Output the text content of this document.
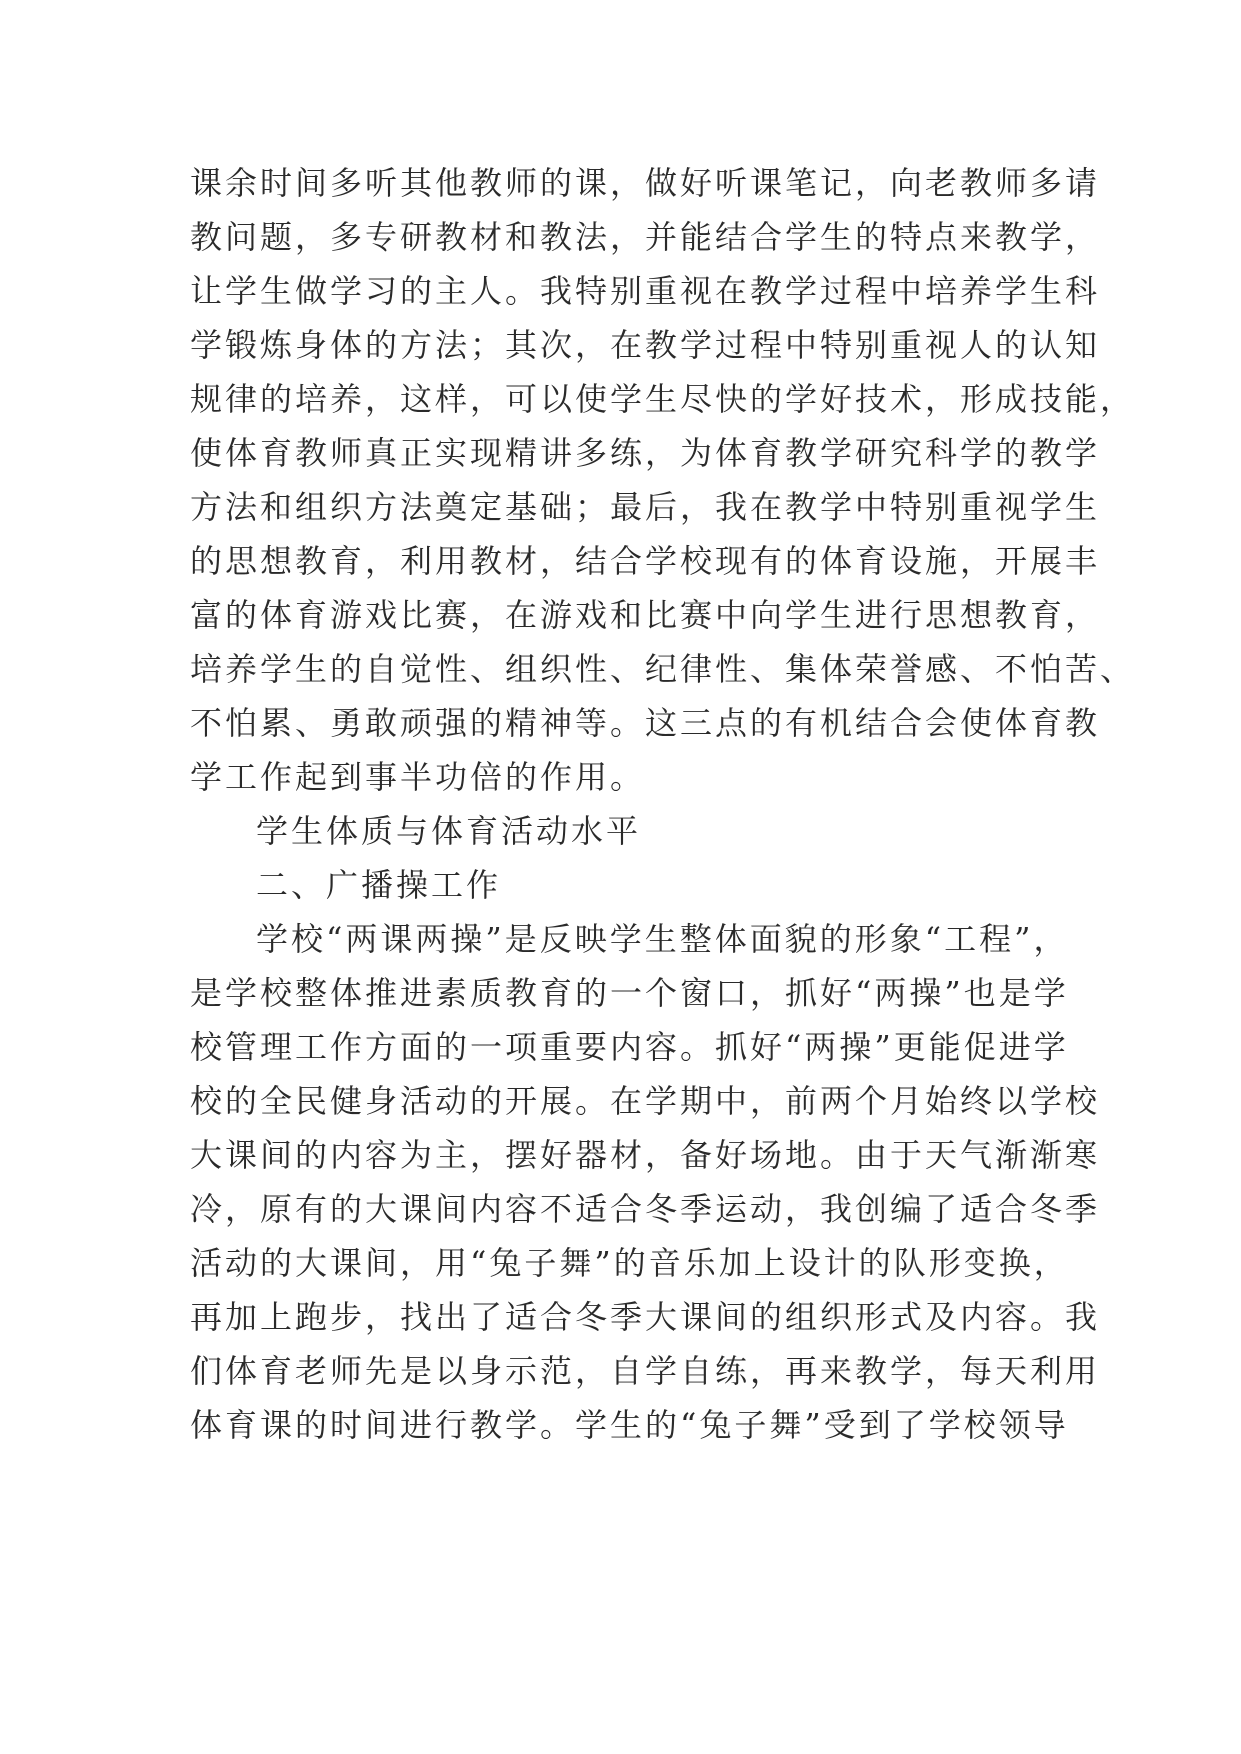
课余时间多听其他教师的课，做好听课笔记，向老教师多请

教问题，多专研教材和教法，并能结合学生的特点来教学，

让学生做学习的主人。我特别重视在教学过程中培养学生科

学锻炼身体的方法；其次，在教学过程中特别重视人的认知

规律的培养，这样，可以使学生尽快的学好技术，形成技能，

使体育教师真正实现精讲多练，为体育教学研究科学的教学

方法和组织方法奠定基础；最后，我在教学中特别重视学生

的思想教育，利用教材，结合学校现有的体育设施，开展丰

富的体育游戏比赛，在游戏和比赛中向学生进行思想教育，

培养学生的自觉性、组织性、纪律性、集体荣誉感、不怕苦、

不怕累、勇敢顽强的精神等。这三点的有机结合会使体育教

学工作起到事半功倍的作用。

学生体质与体育活动水平

二、广播操工作

学校“两课两操”是反映学生整体面貌的形象“工程”，

是学校整体推进素质教育的一个窗口，抓好“两操”也是学

校管理工作方面的一项重要内容。抓好“两操”更能促进学

校的全民健身活动的开展。在学期中，前两个月始终以学校

大课间的内容为主，摆好器材，备好场地。由于天气渐渐寒

冷，原有的大课间内容不适合冬季运动，我创编了适合冬季

活动的大课间，用“兔子舞”的音乐加上设计的队形变换，

再加上跑步，找出了适合冬季大课间的组织形式及内容。我

们体育老师先是以身示范，自学自练，再来教学，每天利用

体育课的时间进行教学。学生的“兔子舞”受到了学校领导
